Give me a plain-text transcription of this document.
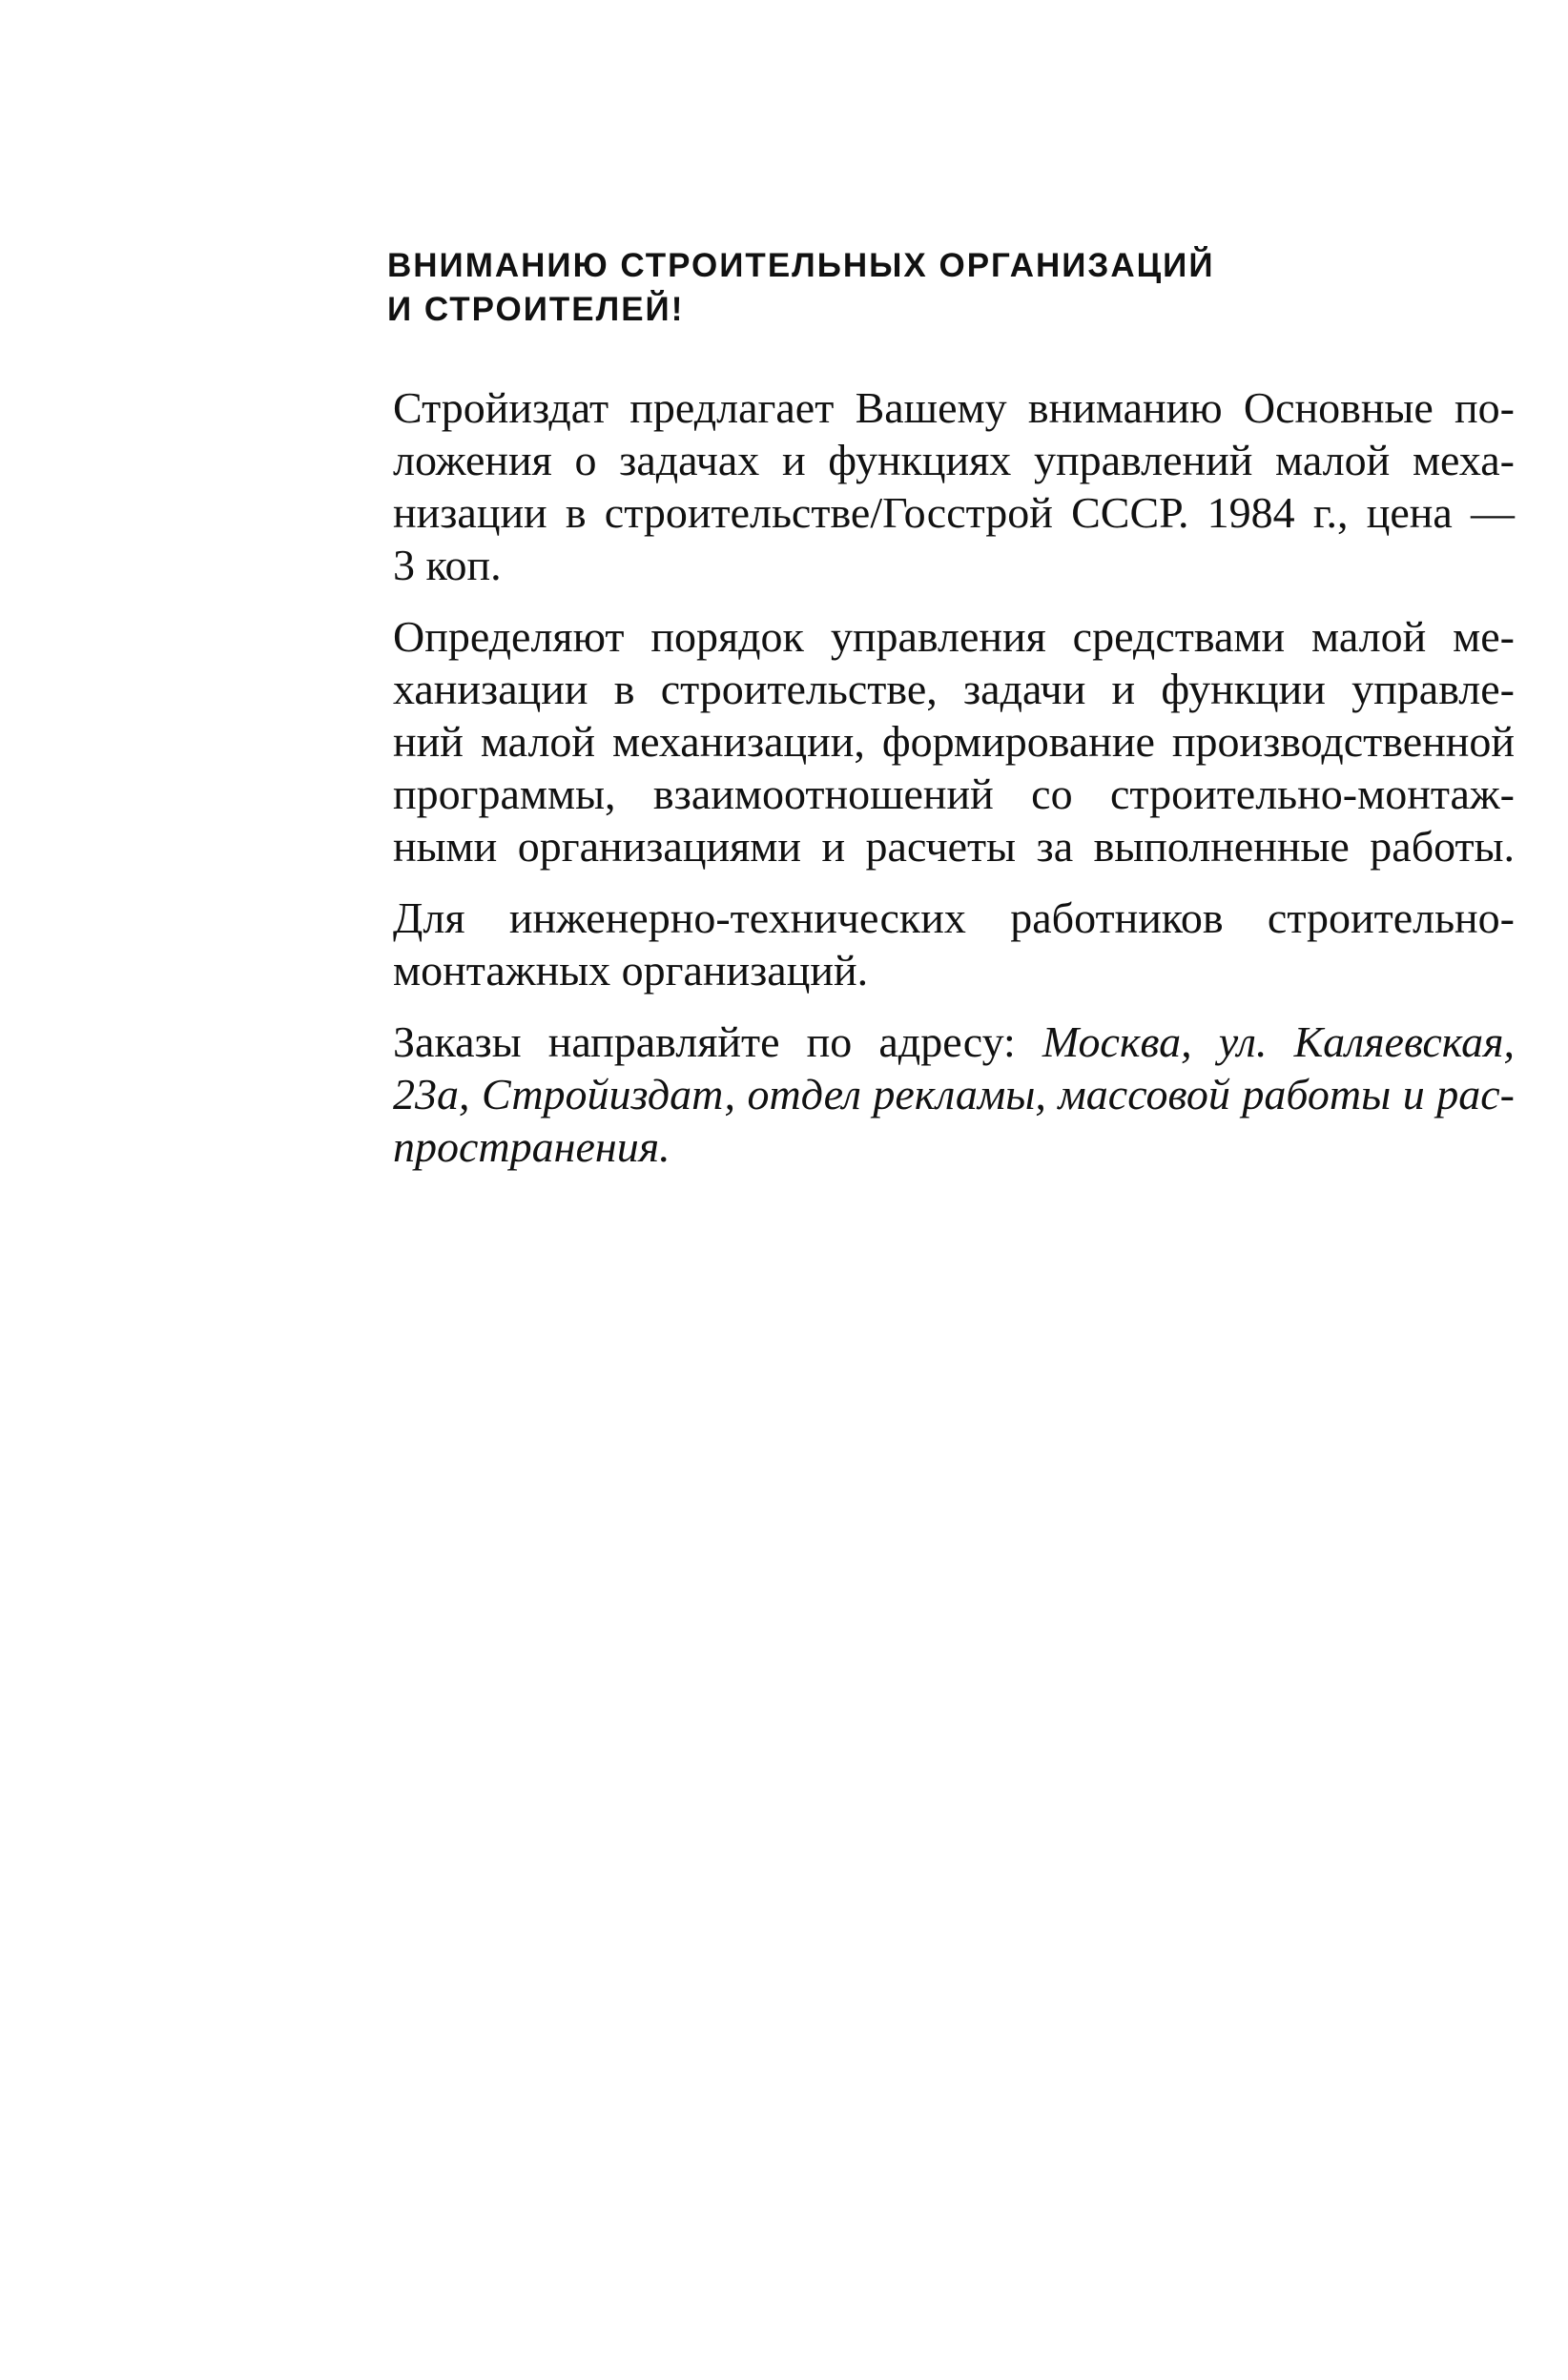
ВНИМАНИЮ СТРОИТЕЛЬНЫХ ОРГАНИЗАЦИЙ
И СТРОИТЕЛЕЙ!
Стройиздат предлагает Вашему вниманию Основные по-
ложения о задачах и функциях управлений малой меха-
низации в строительстве/Госстрой СССР. 1984 г., цена —
3 коп.
Определяют порядок управления средствами малой ме-
ханизации в строительстве, задачи и функции управле-
ний малой механизации, формирование производственной
программы, взаимоотношений со строительно-монтаж-
ными организациями и расчеты за выполненные работы.
Для инженерно-технических работников строительно-
монтажных организаций.
Заказы направляйте по адресу: Москва, ул. Каляевская,
23а, Стройиздат, отдел рекламы, массовой работы и рас-
пространения.
